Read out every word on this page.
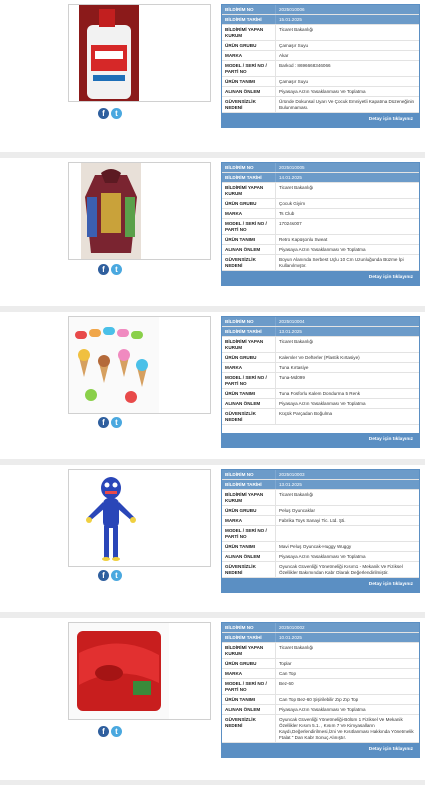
f	t
BİLDİRİM NO	2025010006
BİLDİRİM TARİHİ	15.01.2025
BİLDİRİMİ YAPAN KURUM
Ticaret Bakanlığı
ÜRÜN GRUBU	Çamaşır Suyu
MARKA	Akar
MODEL / SERİ NO / PARTİ NO
Barkod : 8696668346066
ÜRÜN TANIMI	Çamaşır Suyu
ALINAN ÖNLEM	Piyasaya Arzın Yasaklanması Ve Toplatma
GÜVENSİZLİK NEDENİ
Üründe Dokunsal Uyarı Ve Çocuk Emniyetli Kapatma Düzeneğinin Bulunmaması.
Detay için tıklayınız
f	t
BİLDİRİM NO	2025010005
BİLDİRİM TARİHİ	14.01.2025
BİLDİRİMİ YAPAN KURUM
Ticaret Bakanlığı
ÜRÜN GRUBU	Çocuk Giyim
MARKA	Ts Club
MODEL / SERİ NO / PARTİ NO
17024s007
ÜRÜN TANIMI	Retro Kapüşonlu Sweat
ALINAN ÖNLEM	Piyasaya Arzın Yasaklanması Ve Toplatma
GÜVENSİZLİK NEDENİ
Boyun Alanında Serbest Uçlu 10 Cm Uzunluğunda Büzme İpi Kullanılmıştır.
Detay için tıklayınız
f	t
BİLDİRİM NO	2025010004
BİLDİRİM TARİHİ	13.01.2025
BİLDİRİMİ YAPAN KURUM
Ticaret Bakanlığı
ÜRÜN GRUBU	Kalemler Ve Defterler (Plastik Kırtasiye)
MARKA	Tuna Kırtasiye
MODEL / SERİ NO / PARTİ NO
Tuna-Md099
ÜRÜN TANIMI	Tuna Fosforlu Kalem Dondurma 5 Renk
ALINAN ÖNLEM	Piyasaya Arzın Yasaklanması Ve Toplatma
GÜVENSİZLİK NEDENİ
Küçük Parçadan Boğulma
Detay için tıklayınız
f	t
BİLDİRİM NO	2025010003
BİLDİRİM TARİHİ	13.01.2025
BİLDİRİMİ YAPAN KURUM
Ticaret Bakanlığı
ÜRÜN GRUBU	Peluş Oyuncaklar
MARKA	Fabrika Toys Sanayi Tic. Ltd. Şti.
MODEL / SERİ NO / PARTİ NO
ÜRÜN TANIMI	Mavi Peluş Oyuncak-Huggy Wuggy
ALINAN ÖNLEM	Piyasaya Arzın Yasaklanması Ve Toplatma
GÜVENSİZLİK NEDENİ
Oyuncak Güvenliği Yönetmeliği Kısım1 - Mekanik Ve Fiziksel Özellikler Bakımından Kabr Olarak Değerlendirilmiştir.
Detay için tıklayınız
f	t
BİLDİRİM NO	2025010002
BİLDİRİM TARİHİ	10.01.2025
BİLDİRİMİ YAPAN KURUM
Ticaret Bakanlığı
ÜRÜN GRUBU	Toplar
MARKA	Can Top
MODEL / SERİ NO / PARTİ NO
Bez-60
ÜRÜN TANIMI	Can Top Bez-60 Şişirilebilir Zıp Zıp Top
ALINAN ÖNLEM	Piyasaya Arzın Yasaklanması Ve Toplatma
GÜVENSİZLİK NEDENİ
Oyuncak Güvenliği Yönetmeliği-Bölüm 1 Fiziksel Ve Mekanik Özellikler Kısım 5.1. , Kısım 7 Ve Kimyasalların Kaydı,Değerlendirilmesi,İzni Ve Kısıtlanması Hakkında Yönetmelik Ftalat " Dan Kabr Sonuç Alınıştır.
Detay için tıklayınız
